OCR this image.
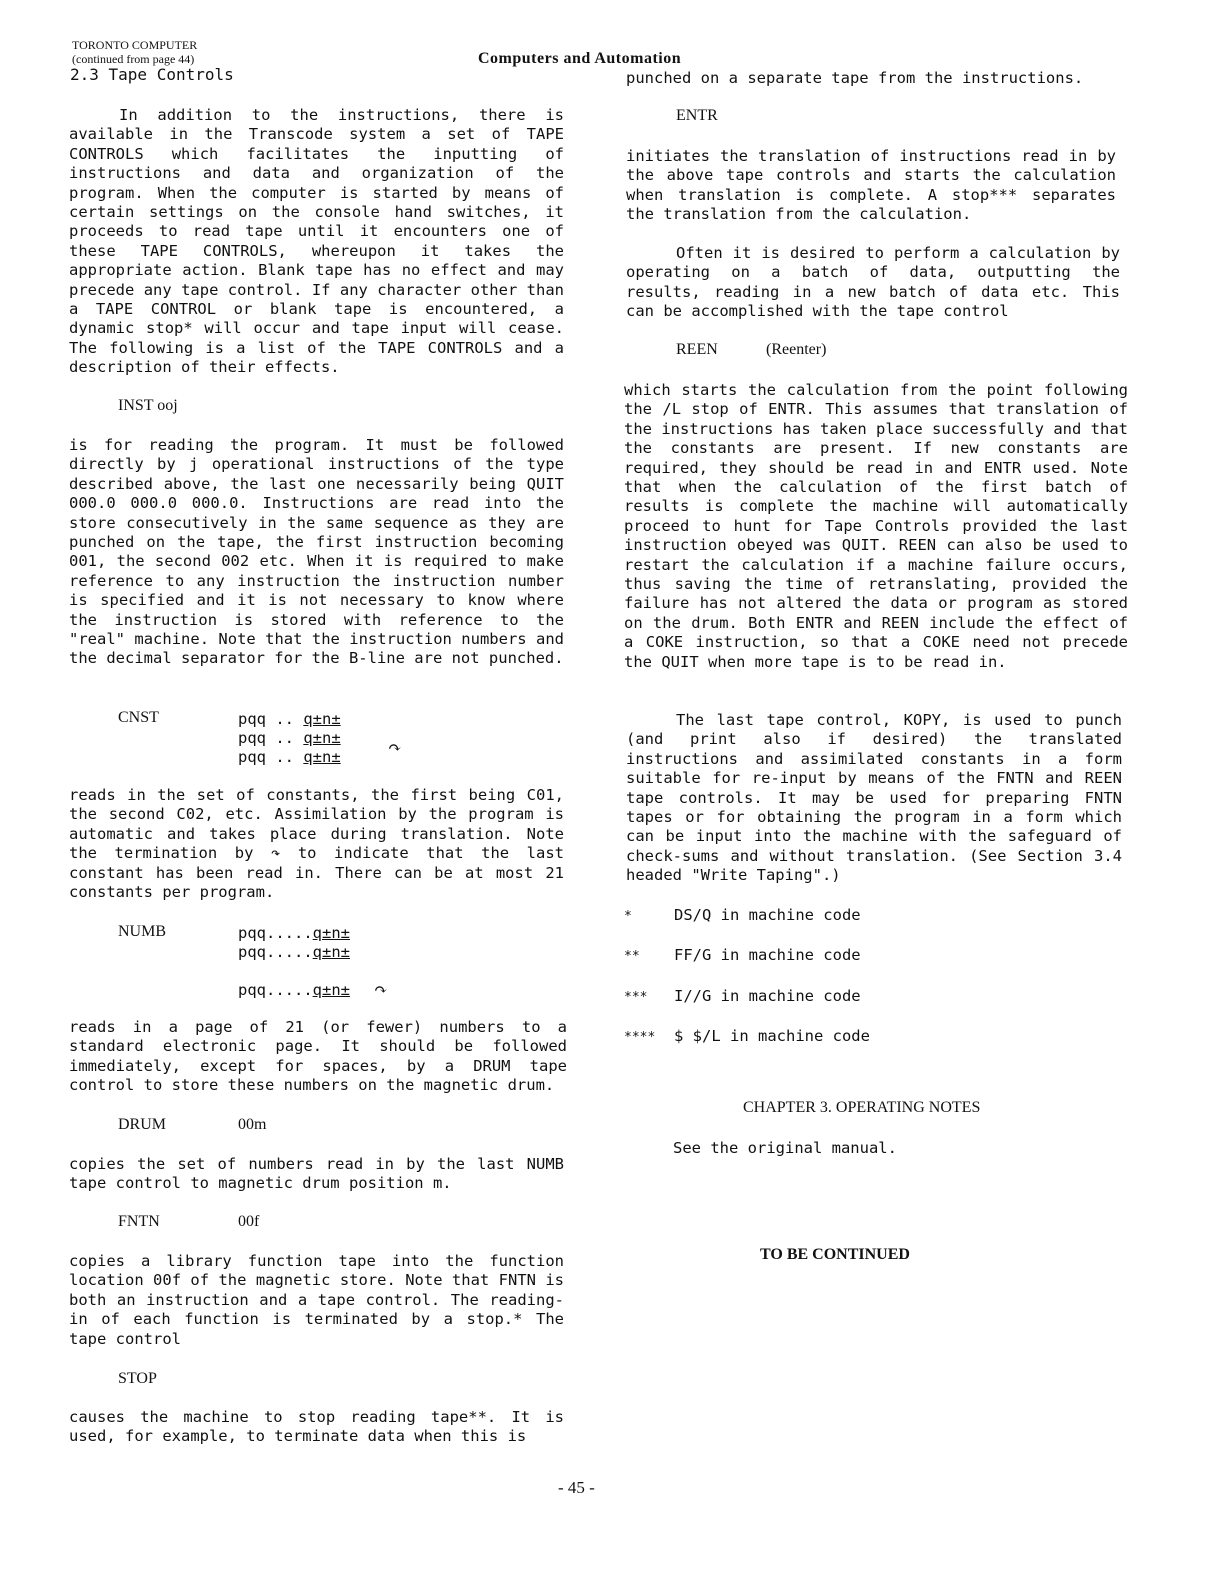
TORONTO COMPUTER
(continued from page 44)
2.3 Tape Controls
Computers and Automation

In addition to the instructions, there is available in the Transcode system a set of TAPE CONTROLS which facilitates the inputting of instructions and data and organization of the program. When the computer is started by means of certain settings on the console hand switches, it proceeds to read tape until it encounters one of these TAPE CONTROLS, whereupon it takes the appropriate action. Blank tape has no effect and may precede any tape control. If any character other than a TAPE CONTROL or blank tape is encountered, a dynamic stop* will occur and tape input will cease. The following is a list of the TAPE CONTROLS and a description of their effects.

INST ooj

is for reading the program. It must be followed directly by j operational instructions of the type described above, the last one necessarily being QUIT 000.0 000.0 000.0. Instructions are read into the store consecutively in the same sequence as they are punched on the tape, the first instruction becoming 001, the second 002 etc. When it is required to make reference to any instruction the instruction number is specified and it is not necessary to know where the instruction is stored with reference to the "real" machine. Note that the instruction numbers and the decimal separator for the B-line are not punched.

CNST	pqq .. q±n±
pqq .. q±n±
pqq .. q±n±	↷

reads in the set of constants, the first being C01, the second C02, etc. Assimilation by the program is automatic and takes place during translation. Note the termination by ↷ to indicate that the last constant has been read in. There can be at most 21 constants per program.

NUMB	pqq.....q±n±
pqq.....q±n±
pqq.....q±n± ↷

reads in a page of 21 (or fewer) numbers to a standard electronic page. It should be followed immediately, except for spaces, by a DRUM tape control to store these numbers on the magnetic drum.

DRUM	00m

copies the set of numbers read in by the last NUMB tape control to magnetic drum position m.

FNTN	00f

copies a library function tape into the function location 00f of the magnetic store. Note that FNTN is both an instruction and a tape control. The reading-in of each function is terminated by a stop.* The tape control

STOP

causes the machine to stop reading tape**. It is used, for example, to terminate data when this is

punched on a separate tape from the instructions.
ENTR

initiates the translation of instructions read in by the above tape controls and starts the calculation when translation is complete. A stop*** separates the translation from the calculation.

Often it is desired to perform a calculation by operating on a batch of data, outputting the results, reading in a new batch of data etc. This can be accomplished with the tape control

REEN	(Reenter)

which starts the calculation from the point following the /L stop of ENTR. This assumes that translation of the instructions has taken place successfully and that the constants are present. If new constants are required, they should be read in and ENTR used. Note that when the calculation of the first batch of results is complete the machine will automatically proceed to hunt for Tape Controls provided the last instruction obeyed was QUIT. REEN can also be used to restart the calculation if a machine failure occurs, thus saving the time of retranslating, provided the failure has not altered the data or program as stored on the drum. Both ENTR and REEN include the effect of a COKE instruction, so that a COKE need not precede the QUIT when more tape is to be read in.

The last tape control, KOPY, is used to punch (and print also if desired) the translated instructions and assimilated constants in a form suitable for re-input by means of the FNTN and REEN tape controls. It may be used for preparing FNTN tapes or for obtaining the program in a form which can be input into the machine with the safeguard of check-sums and without translation. (See Section 3.4 headed "Write Taping".)

*	DS/Q in machine code
** FF/G in machine code
*** I//G in machine code
**** $ $/L in machine code
CHAPTER 3. OPERATING NOTES
See the original manual.
TO BE CONTINUED
- 45 -
